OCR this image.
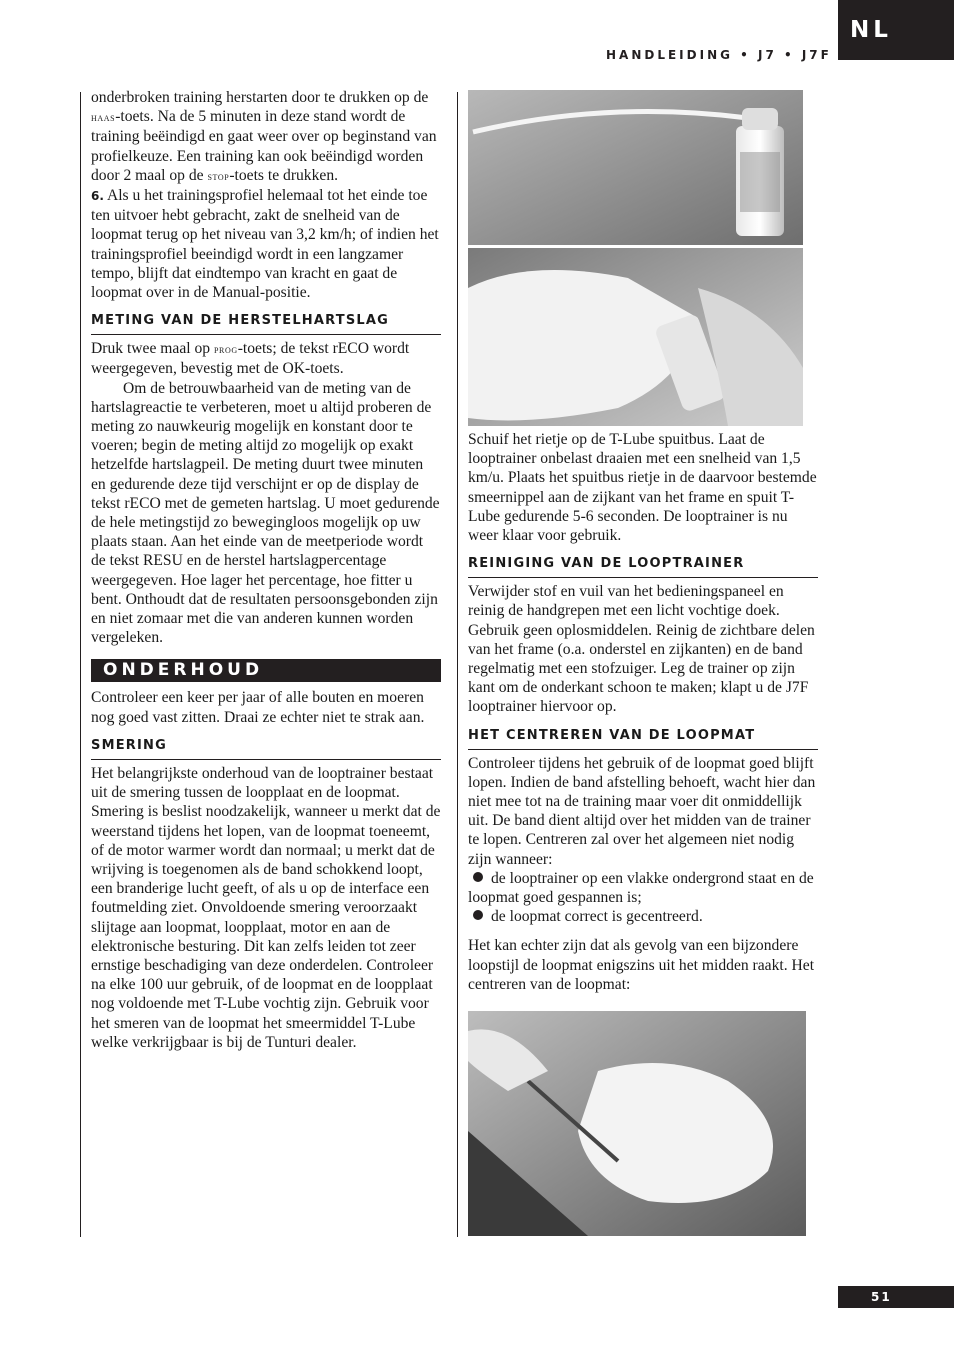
NL
HANDLEIDING • J7 • J7F

onderbroken training herstarten door te drukken op de haas-toets. Na de 5 minuten in deze stand wordt de training beëindigd en gaat weer over op beginstand van profielkeuze. Een training kan ook beëindigd worden door 2 maal op de stop-toets te drukken.

6. Als u het trainingsprofiel helemaal tot het einde toe ten uitvoer hebt gebracht, zakt de snelheid van de loopmat terug op het niveau van 3,2 km/h; of indien het trainingsprofiel beeindigd wordt in een langzamer tempo, blijft dat eindtempo van kracht en gaat de loopmat over in de Manual-positie.

METING VAN DE HERSTELHARTSLAG

Druk twee maal op prog-toets; de tekst rECO wordt weergegeven, bevestig met de OK-toets.

Om de betrouwbaarheid van de meting van de hartslagreactie te verbeteren, moet u altijd proberen de meting zo nauwkeurig mogelijk en konstant door te voeren; begin de meting altijd zo mogelijk op exakt hetzelfde hartslagpeil. De meting duurt twee minuten en gedurende deze tijd verschijnt er op de display de tekst rECO met de gemeten hartslag. U moet gedurende de hele metingstijd zo bewegingloos mogelijk op uw plaats staan. Aan het einde van de meetperiode wordt de tekst RESU en de herstel hartslagpercentage weergegeven. Hoe lager het percentage, hoe fitter u bent. Onthoudt dat de resultaten persoonsgebonden zijn en niet zomaar met die van anderen kunnen worden vergeleken.

ONDERHOUD

Controleer een keer per jaar of alle bouten en moeren nog goed vast zitten. Draai ze echter niet te strak aan.

SMERING

Het belangrijkste onderhoud van de looptrainer bestaat uit de smering tussen de loopplaat en de loopmat. Smering is beslist noodzakelijk, wanneer u merkt dat de weerstand tijdens het lopen, van de loopmat toeneemt, of de motor warmer wordt dan normaal; u merkt dat de wrijving is toegenomen als de band schokkend loopt, een branderige lucht geeft, of als u op de interface een foutmelding ziet. Onvoldoende smering veroorzaakt slijtage aan loopmat, loopplaat, motor en aan de elektronische besturing. Dit kan zelfs leiden tot zeer ernstige beschadiging van deze onderdelen. Controleer na elke 100 uur gebruik, of de loopmat en de loopplaat nog voldoende met T-Lube vochtig zijn. Gebruik voor het smeren van de loopmat het smeermiddel T-Lube welke verkrijgbaar is bij de Tunturi dealer.

Schuif het rietje op de T-Lube spuitbus. Laat de looptrainer onbelast draaien met een snelheid van 1,5 km/u. Plaats het spuitbus rietje in de daarvoor bestemde smeernippel aan de zijkant van het frame en spuit T-Lube gedurende 5-6 seconden. De looptrainer is nu weer klaar voor gebruik.

REINIGING VAN DE LOOPTRAINER

Verwijder stof en vuil van het bedieningspaneel en reinig de handgrepen met een licht vochtige doek. Gebruik geen oplosmiddelen. Reinig de zichtbare delen van het frame (o.a. onderstel en zijkanten) en de band regelmatig met een stofzuiger. Leg de trainer op zijn kant om de onderkant schoon te maken; klapt u de J7F looptrainer hiervoor op.

HET CENTREREN VAN DE LOOPMAT

Controleer tijdens het gebruik of de loopmat goed blijft lopen. Indien de band afstelling behoeft, wacht hier dan niet mee tot na de training maar voer dit onmiddellijk uit. De band dient altijd over het midden van de trainer te lopen. Centreren zal over het algemeen niet nodig zijn wanneer:

de looptrainer op een vlakke ondergrond staat en de loopmat goed gespannen is;

de loopmat correct is gecentreerd.

Het kan echter zijn dat als gevolg van een bijzondere loopstijl de loopmat enigszins uit het midden raakt. Het centreren van de loopmat:

51
